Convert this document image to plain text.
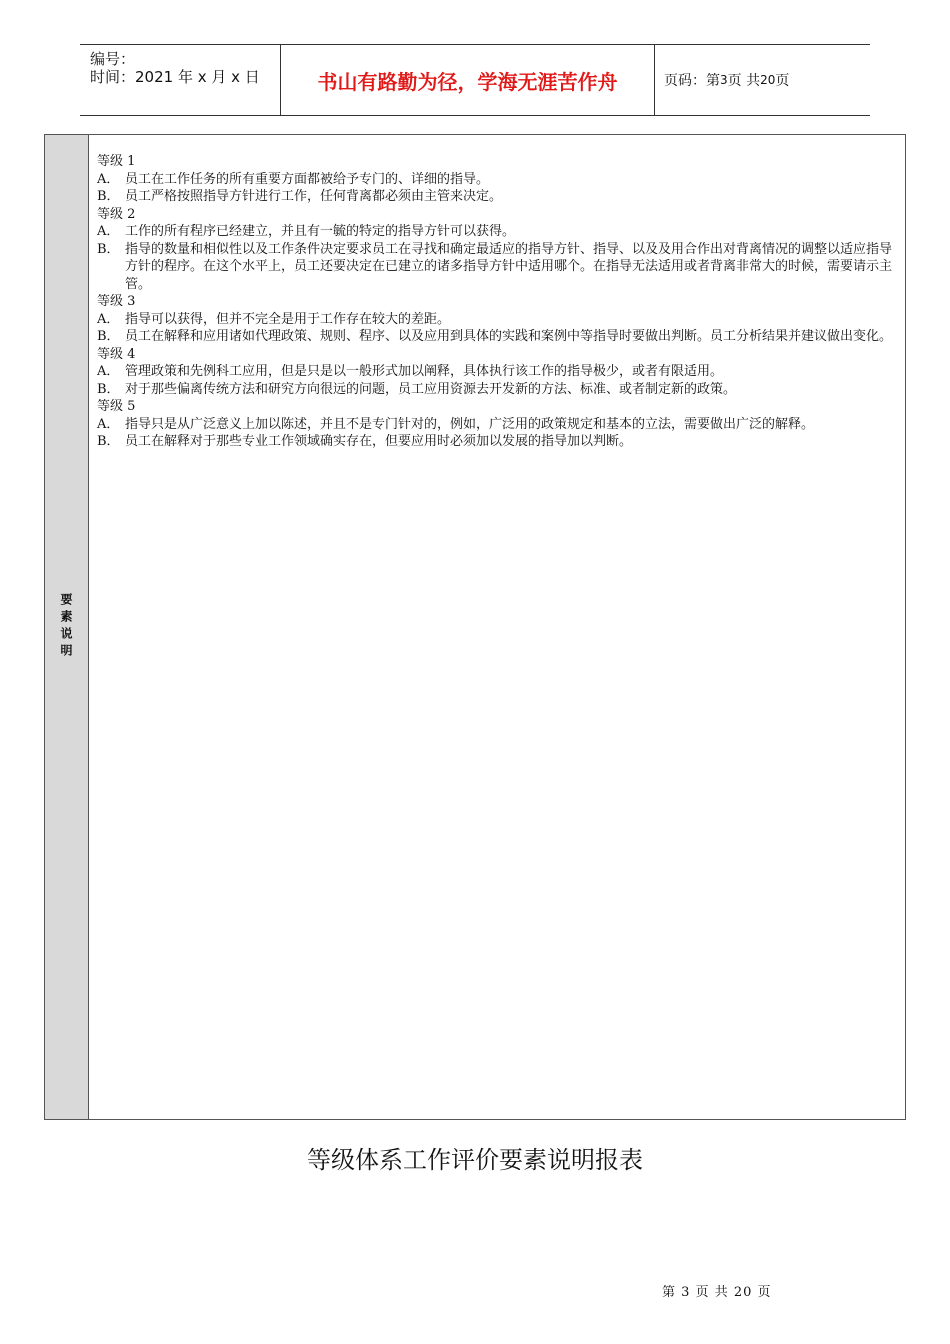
编号：
时间：2021 年 x 月 x 日	书山有路勤为径，学海无涯苦作舟	页码：第 3 页 共 20 页
要素说明
等级 1
A． 员工在工作任务的所有重要方面都被给予专门的、详细的指导。
B． 员工严格按照指导方针进行工作，任何背离都必须由主管来决定。
等级 2
A． 工作的所有程序已经建立，并且有一毓的特定的指导方针可以获得。
B． 指导的数量和相似性以及工作条件决定要求员工在寻找和确定最适应的指导方针、指导、以及及用合作出对背离情况的调整以适应指导方针的程序。在这个水平上，员工还要决定在已建立的诸多指导方针中适用哪个。在指导无法适用或者背离非常大的时候，需要请示主管。
等级 3
A． 指导可以获得，但并不完全是用于工作存在较大的差距。
B． 员工在解释和应用诸如代理政策、规则、程序、以及应用到具体的实践和案例中等指导时要做出判断。员工分析结果并建议做出变化。
等级 4
A． 管理政策和先例科工应用，但是只是以一般形式加以阐释，具体执行该工作的指导极少，或者有限适用。
B． 对于那些偏离传统方法和研究方向很远的问题，员工应用资源去开发新的方法、标准、或者制定新的政策。
等级 5
A． 指导只是从广泛意义上加以陈述，并且不是专门针对的，例如，广泛用的政策规定和基本的立法，需要做出广泛的解释。
B． 员工在解释对于那些专业工作领域确实存在，但要应用时必须加以发展的指导加以判断。
等级体系工作评价要素说明报表
第 3 页 共 20 页
